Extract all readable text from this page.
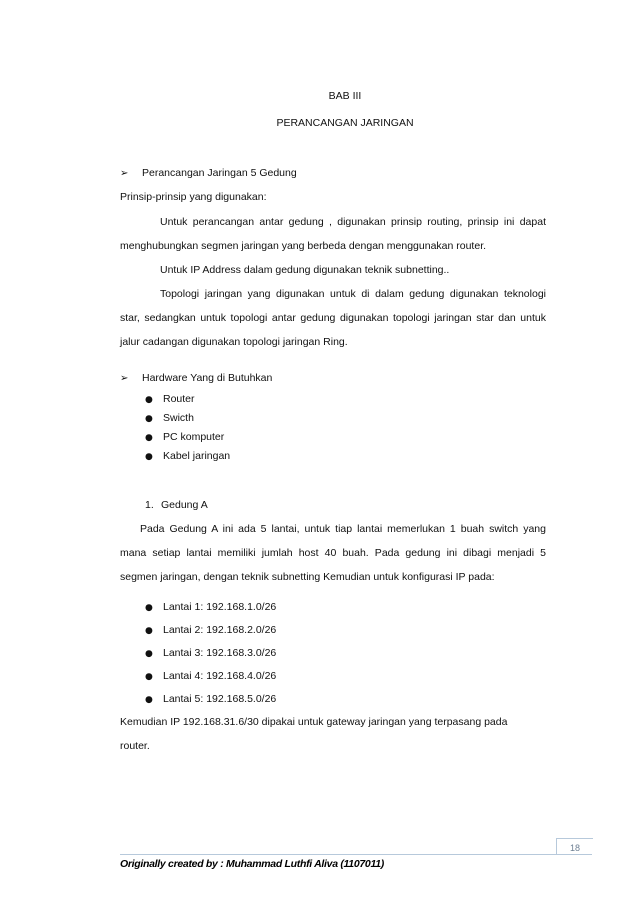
BAB III
PERANCANGAN JARINGAN
➢ Perancangan Jaringan 5 Gedung
Prinsip-prinsip yang digunakan:
Untuk perancangan antar gedung , digunakan prinsip routing, prinsip ini dapat
menghubungkan segmen jaringan yang berbeda dengan menggunakan router.
Untuk IP Address dalam gedung digunakan teknik subnetting..
Topologi jaringan yang digunakan untuk di dalam gedung digunakan teknologi
star, sedangkan untuk topologi antar gedung digunakan topologi jaringan star dan untuk
jalur cadangan digunakan topologi jaringan Ring.
➢ Hardware Yang di Butuhkan
● Router
● Swicth
● PC komputer
● Kabel jaringan
1. Gedung A
Pada Gedung A ini ada 5 lantai, untuk tiap lantai memerlukan 1 buah switch yang
mana setiap lantai memiliki jumlah host 40 buah. Pada gedung ini dibagi menjadi 5
segmen jaringan, dengan teknik subnetting Kemudian untuk konfigurasi IP pada:
● Lantai 1: 192.168.1.0/26
● Lantai 2: 192.168.2.0/26
● Lantai 3: 192.168.3.0/26
● Lantai 4: 192.168.4.0/26
● Lantai 5: 192.168.5.0/26
Kemudian IP 192.168.31.6/30 dipakai untuk gateway jaringan yang terpasang pada
router.
18
Originally created by : Muhammad Luthfi Aliva (1107011)
